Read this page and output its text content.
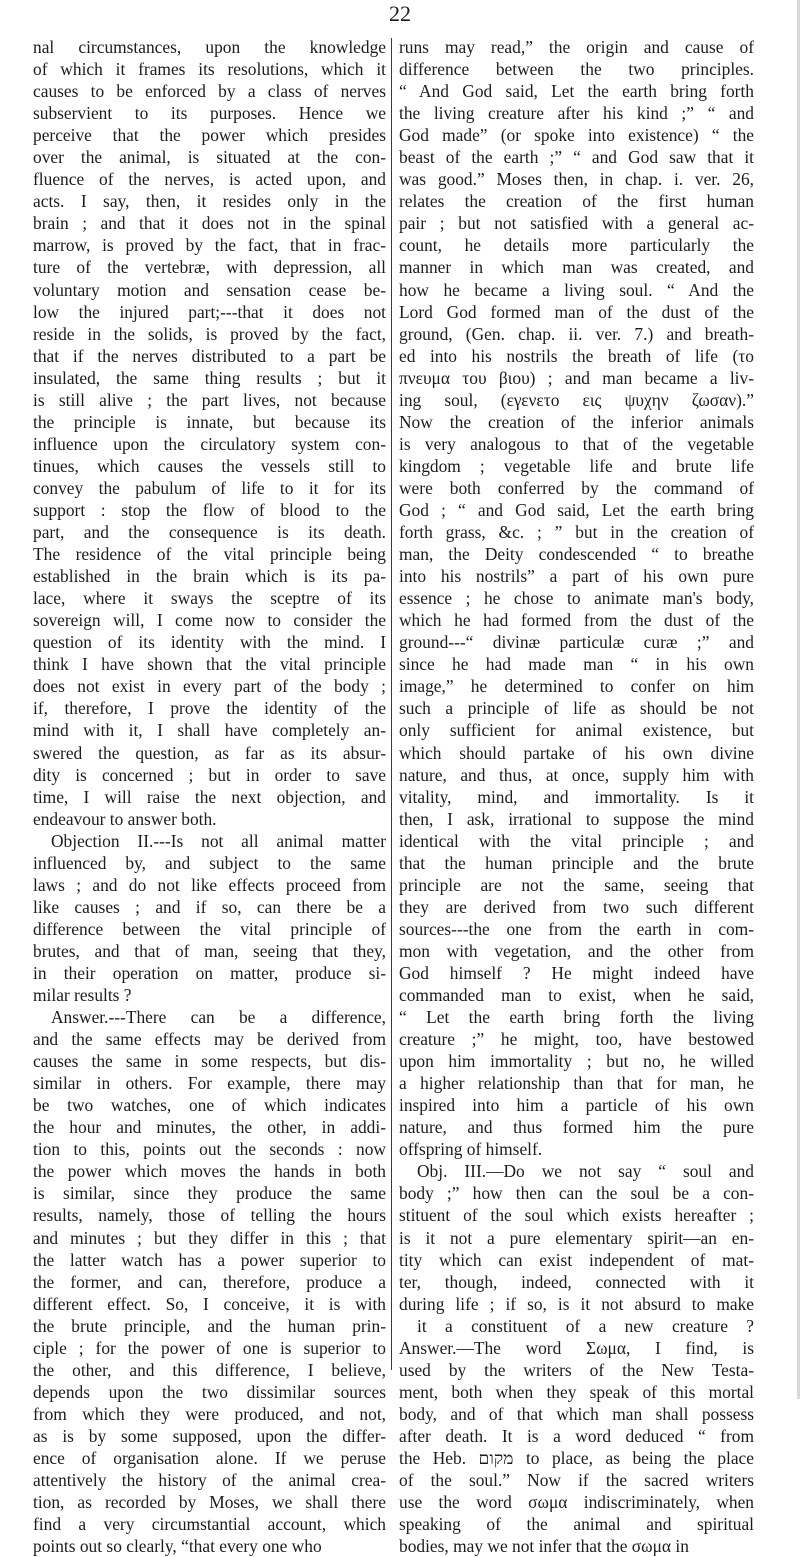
22
nal circumstances, upon the knowledge
of which it frames its resolutions, which it
causes to be enforced by a class of nerves
subservient to its purposes. Hence we
perceive that the power which presides
over the animal, is situated at the con-
fluence of the nerves, is acted upon, and
acts. I say, then, it resides only in the
brain ; and that it does not in the spinal
marrow, is proved by the fact, that in frac-
ture of the vertebræ, with depression, all
voluntary motion and sensation cease be-
low the injured part;---that it does not
reside in the solids, is proved by the fact,
that if the nerves distributed to a part be
insulated, the same thing results ; but it
is still alive ; the part lives, not because
the principle is innate, but because its
influence upon the circulatory system con-
tinues, which causes the vessels still to
convey the pabulum of life to it for its
support : stop the flow of blood to the
part, and the consequence is its death.
The residence of the vital principle being
established in the brain which is its pa-
lace, where it sways the sceptre of its
sovereign will, I come now to consider the
question of its identity with the mind. I
think I have shown that the vital principle
does not exist in every part of the body ;
if, therefore, I prove the identity of the
mind with it, I shall have completely an-
swered the question, as far as its absur-
dity is concerned ; but in order to save
time, I will raise the next objection, and
endeavour to answer both.
Objection II.---Is not all animal matter
influenced by, and subject to the same
laws ; and do not like effects proceed from
like causes ; and if so, can there be a
difference between the vital principle of
brutes, and that of man, seeing that they,
in their operation on matter, produce si-
milar results ?
Answer.---There can be a difference,
and the same effects may be derived from
causes the same in some respects, but dis-
similar in others. For example, there may
be two watches, one of which indicates
the hour and minutes, the other, in addi-
tion to this, points out the seconds : now
the power which moves the hands in both
is similar, since they produce the same
results, namely, those of telling the hours
and minutes ; but they differ in this ; that
the latter watch has a power superior to
the former, and can, therefore, produce a
different effect. So, I conceive, it is with
the brute principle, and the human prin-
ciple ; for the power of one is superior to
the other, and this difference, I believe,
depends upon the two dissimilar sources
from which they were produced, and not,
as is by some supposed, upon the differ-
ence of organisation alone. If we peruse
attentively the history of the animal crea-
tion, as recorded by Moses, we shall there
find a very circumstantial account, which
points out so clearly, “that every one who
runs may read,” the origin and cause of
difference between the two principles.
“ And God said, Let the earth bring forth
the living creature after his kind ;” “ and
God made” (or spoke into existence) “ the
beast of the earth ;” “ and God saw that it
was good.” Moses then, in chap. i. ver. 26,
relates the creation of the first human
pair ; but not satisfied with a general ac-
count, he details more particularly the
manner in which man was created, and
how he became a living soul. “ And the
Lord God formed man of the dust of the
ground, (Gen. chap. ii. ver. 7.) and breath-
ed into his nostrils the breath of life (το
πνευμα του βιου) ; and man became a liv-
ing soul, (εγενετο εις ψυχην ζωσαν).”
Now the creation of the inferior animals
is very analogous to that of the vegetable
kingdom ; vegetable life and brute life
were both conferred by the command of
God ; “ and God said, Let the earth bring
forth grass, &c. ; ” but in the creation of
man, the Deity condescended “ to breathe
into his nostrils” a part of his own pure
essence ; he chose to animate man's body,
which he had formed from the dust of the
ground---“ divinæ particulæ curæ ;” and
since he had made man “ in his own
image,” he determined to confer on him
such a principle of life as should be not
only sufficient for animal existence, but
which should partake of his own divine
nature, and thus, at once, supply him with
vitality, mind, and immortality. Is it
then, I ask, irrational to suppose the mind
identical with the vital principle ; and
that the human principle and the brute
principle are not the same, seeing that
they are derived from two such different
sources---the one from the earth in com-
mon with vegetation, and the other from
God himself ? He might indeed have
commanded man to exist, when he said,
“ Let the earth bring forth the living
creature ;” he might, too, have bestowed
upon him immortality ; but no, he willed
a higher relationship than that for man, he
inspired into him a particle of his own
nature, and thus formed him the pure
offspring of himself.
Obj. III.—Do we not say “ soul and
body ;” how then can the soul be a con-
stituent of the soul which exists hereafter ;
is it not a pure elementary spirit—an en-
tity which can exist independent of mat-
ter, though, indeed, connected with it
during life ; if so, is it not absurd to make
it a constituent of a new creature ?
Answer.—The word Σωμα, I find, is
used by the writers of the New Testa-
ment, both when they speak of this mortal
body, and of that which man shall possess
after death. It is a word deduced “ from
the Heb. מקום to place, as being the place
of the soul.” Now if the sacred writers
use the word σωμα indiscriminately, when
speaking of the animal and spiritual
bodies, may we not infer that the σωμα in
